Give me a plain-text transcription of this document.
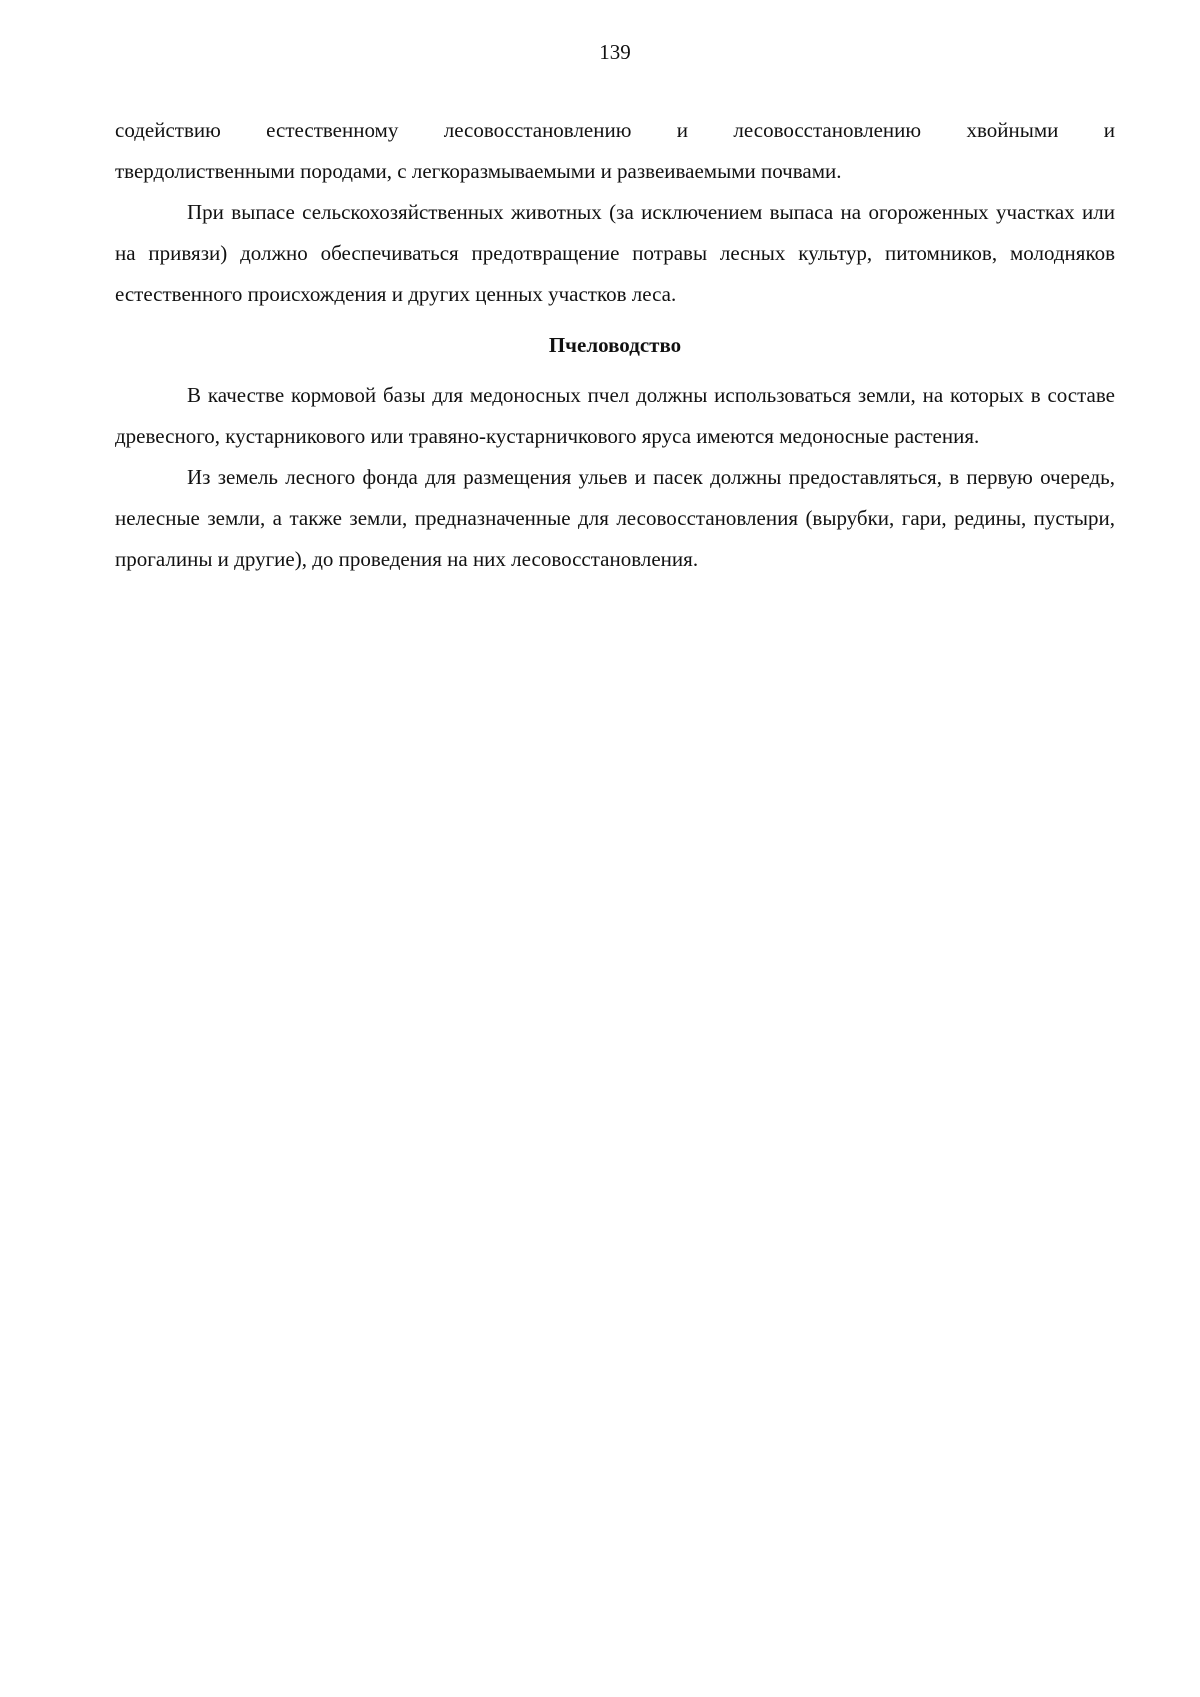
139

содействию естественному лесовосстановлению и лесовосстановлению хвойными и

твердолиственными породами, с легкоразмываемыми и развеиваемыми почвами.

При выпасе сельскохозяйственных животных (за исключением выпаса на огороженных участках или на привязи) должно обеспечиваться предотвращение потравы лесных культур, питомников, молодняков естественного происхождения и других ценных участков леса.

Пчеловодство

В качестве кормовой базы для медоносных пчел должны использоваться земли, на которых в составе древесного, кустарникового или травяно-кустарничкового яруса имеются медоносные растения.

Из земель лесного фонда для размещения ульев и пасек должны предоставляться, в первую очередь, нелесные земли, а также земли, предназначенные для лесовосстановления (вырубки, гари, редины, пустыри, прогалины и другие), до проведения на них лесовосстановления.
